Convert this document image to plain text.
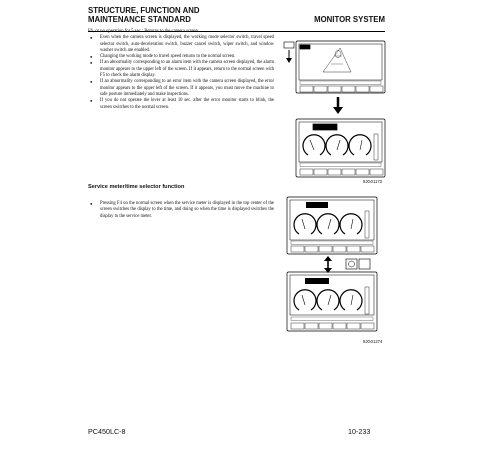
STRUCTURE, FUNCTION AND
MAINTENANCE STANDARD	MONITOR SYSTEM

F6, or no operation for 5 sec.: Returns to the camera screen.

● Even when the camera screen is displayed, the working mode selector switch, travel speed selector switch, auto-deceleration switch, buzzer cancel switch, wiper switch, and window washer switch are enabled.

● Changing the working mode to travel speed returns to the normal screen.

● If an abnormality corresponding to an alarm item with the camera screen displayed, the alarm monitor appears to the upper left of the screen. If it appears, return to the normal screen with F5 to check the alarm display.

● If an abnormality corresponding to an error item with the camera screen displayed, the error monitor appears to the upper left of the screen. If it appears, you must move the machine to safe posture immediately and make inspections.

● If you do not operate the lever at least 10 sec. after the error monitor starts to blink, the screen switches to the normal screen.

9JG01173
Service meter/time selector function

● Pressing F4 on the normal screen when the service meter is displayed in the top center of the screen switches the display to the time, and doing so when the time is displayed switches the display to the service meter.

9JG01274
PC450LC-8	10-233
